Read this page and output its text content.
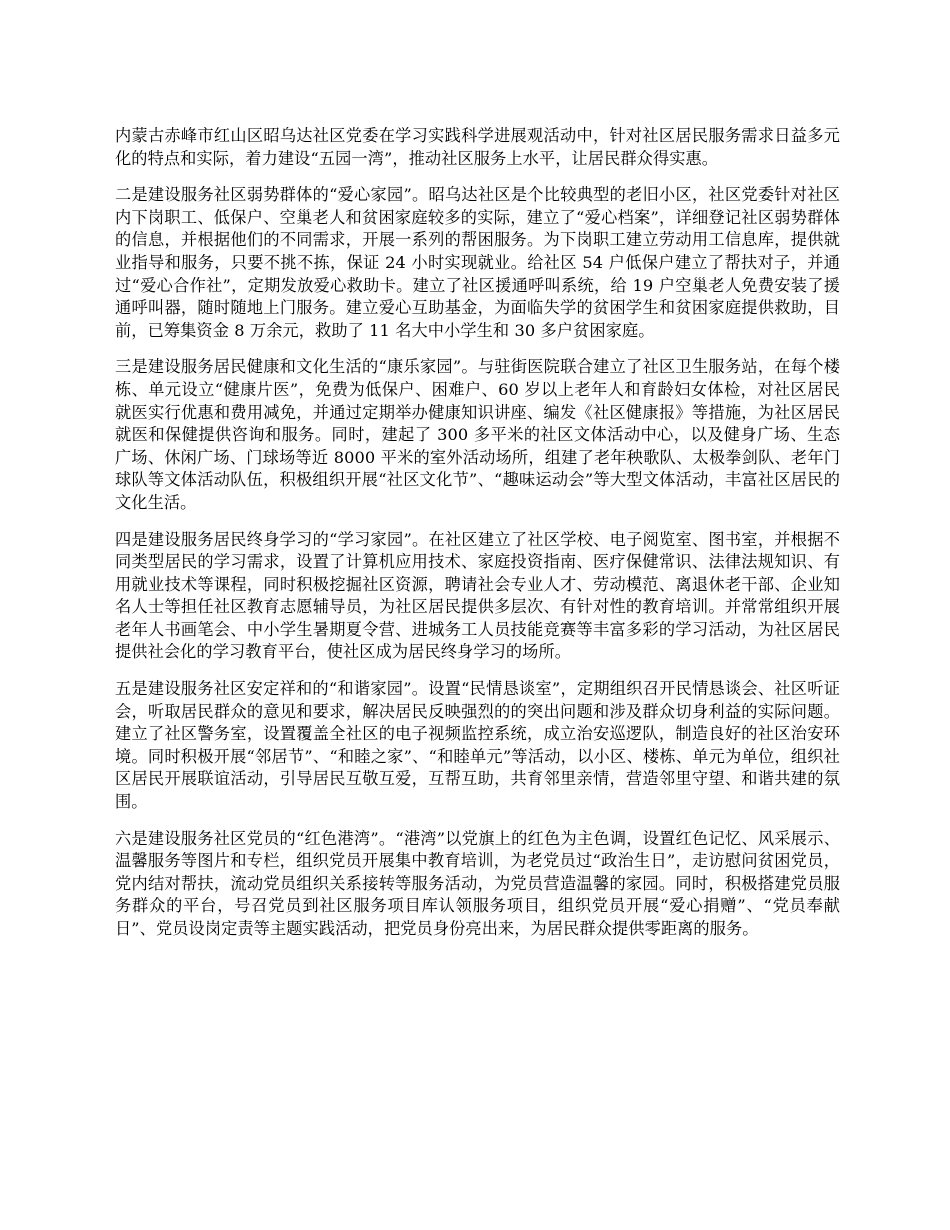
内蒙古赤峰市红山区昭乌达社区党委在学习实践科学进展观活动中，针对社区居民服务需求日益多元化的特点和实际，着力建设“五园一湾”，推动社区服务上水平，让居民群众得实惠。

二是建设服务社区弱势群体的“爱心家园”。昭乌达社区是个比较典型的老旧小区，社区党委针对社区内下岗职工、低保户、空巢老人和贫困家庭较多的实际，建立了“爱心档案”，详细登记社区弱势群体的信息，并根据他们的不同需求，开展一系列的帮困服务。为下岗职工建立劳动用工信息库，提供就业指导和服务，只要不挑不拣，保证 24 小时实现就业。给社区 54 户低保户建立了帮扶对子，并通过“爱心合作社”，定期发放爱心救助卡。建立了社区援通呼叫系统，给 19 户空巢老人免费安装了援通呼叫器，随时随地上门服务。建立爱心互助基金，为面临失学的贫困学生和贫困家庭提供救助，目前，已筹集资金 8 万余元，救助了 11 名大中小学生和 30 多户贫困家庭。

三是建设服务居民健康和文化生活的“康乐家园”。与驻街医院联合建立了社区卫生服务站，在每个楼栋、单元设立“健康片医”，免费为低保户、困难户、60 岁以上老年人和育龄妇女体检，对社区居民就医实行优惠和费用减免，并通过定期举办健康知识讲座、编发《社区健康报》等措施，为社区居民就医和保健提供咨询和服务。同时，建起了 300 多平米的社区文体活动中心，以及健身广场、生态广场、休闲广场、门球场等近 8000 平米的室外活动场所，组建了老年秧歌队、太极拳剑队、老年门球队等文体活动队伍，积极组织开展“社区文化节”、“趣味运动会”等大型文体活动，丰富社区居民的文化生活。

四是建设服务居民终身学习的“学习家园”。在社区建立了社区学校、电子阅览室、图书室，并根据不同类型居民的学习需求，设置了计算机应用技术、家庭投资指南、医疗保健常识、法律法规知识、有用就业技术等课程，同时积极挖掘社区资源，聘请社会专业人才、劳动模范、离退休老干部、企业知名人士等担任社区教育志愿辅导员，为社区居民提供多层次、有针对性的教育培训。并常常组织开展老年人书画笔会、中小学生暑期夏令营、进城务工人员技能竞赛等丰富多彩的学习活动，为社区居民提供社会化的学习教育平台，使社区成为居民终身学习的场所。

五是建设服务社区安定祥和的“和谐家园”。设置“民情恳谈室”，定期组织召开民情恳谈会、社区听证会，听取居民群众的意见和要求，解决居民反映强烈的的突出问题和涉及群众切身利益的实际问题。建立了社区警务室，设置覆盖全社区的电子视频监控系统，成立治安巡逻队，制造良好的社区治安环境。同时积极开展“邻居节”、“和睦之家”、“和睦单元”等活动，以小区、楼栋、单元为单位，组织社区居民开展联谊活动，引导居民互敬互爱，互帮互助，共育邻里亲情，营造邻里守望、和谐共建的氛围。

六是建设服务社区党员的“红色港湾”。“港湾”以党旗上的红色为主色调，设置红色记忆、风采展示、温馨服务等图片和专栏，组织党员开展集中教育培训，为老党员过“政治生日”，走访慰问贫困党员，党内结对帮扶，流动党员组织关系接转等服务活动，为党员营造温馨的家园。同时，积极搭建党员服务群众的平台，号召党员到社区服务项目库认领服务项目，组织党员开展“爱心捐赠”、“党员奉献日”、党员设岗定责等主题实践活动，把党员身份亮出来，为居民群众提供零距离的服务。
